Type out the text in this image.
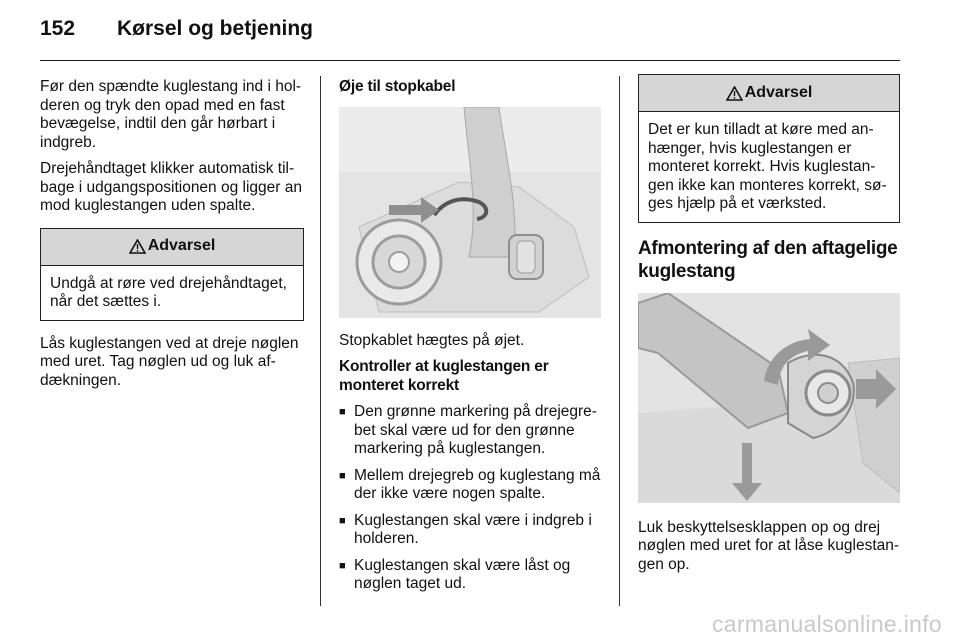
152 Kørsel og betjening

Før den spændte kuglestang ind i hol-deren og tryk den opad med en fast bevægelse, indtil den går hørbart i indgreb.

Drejehåndtaget klikker automatisk til-bage i udgangspositionen og ligger an mod kuglestangen uden spalte.

Advarsel
Undgå at røre ved drejehåndtaget, når det sættes i.

Lås kuglestangen ved at dreje nøglen med uret. Tag nøglen ud og luk af-dækningen.

Øje til stopkabel

Stopkablet hægtes på øjet.

Kontroller at kuglestangen er monteret korrekt
■ Den grønne markering på drejegre-bet skal være ud for den grønne markering på kuglestangen.
■ Mellem drejegreb og kuglestang må der ikke være nogen spalte.
■ Kuglestangen skal være i indgreb i holderen.
■ Kuglestangen skal være låst og nøglen taget ud.
Advarsel
Det er kun tilladt at køre med an-hænger, hvis kuglestangen er monteret korrekt. Hvis kuglestan-gen ikke kan monteres korrekt, sø-ges hjælp på et værksted.
Afmontering af den aftagelige kuglestang

Luk beskyttelsesklappen op og drej nøglen med uret for at låse kuglestan-gen op.

carmanualsonline.info
